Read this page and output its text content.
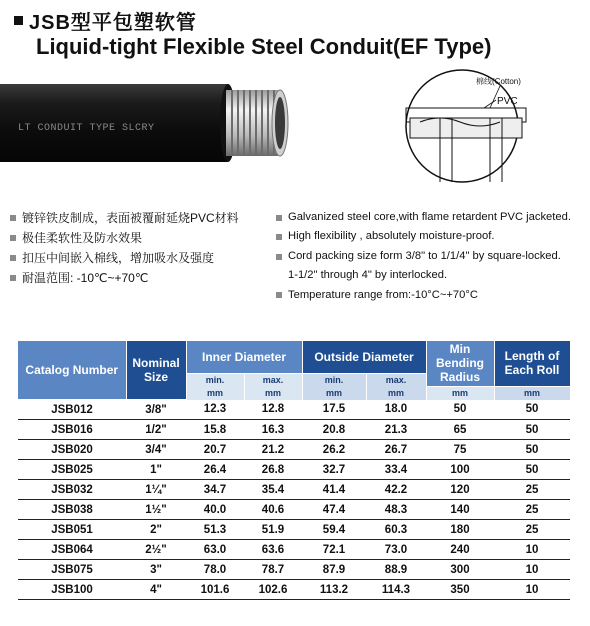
JSB型平包塑软管
Liquid-tight Flexible Steel Conduit(EF Type)
LT CONDUIT TYPE SLCRY
棉线(Cotton)
PVC
镀锌铁皮制成，表面被覆耐延烧PVC材料
极佳柔软性及防水效果
扣压中间嵌入棉线，增加吸水及强度
耐温范围: -10℃~+70℃
Galvanized steel core,with flame retardent PVC jacketed.
High flexibility , absolutely moisture-proof.
Cord packing size form 3/8" to 1/1/4" by square-locked.
1-1/2" through 4" by interlocked.
Temperature range from:-10°C~+70°C
Catalog Number	Nominal Size	Inner Diameter		Outside Diameter		Min Bending Radius	Length of Each Roll
		min.	max.	min.	max.		
		mm	mm	mm	mm	mm	mm
JSB012	3/8"	12.3	12.8	17.5	18.0	50	50
JSB016	1/2"	15.8	16.3	20.8	21.3	65	50
JSB020	3/4"	20.7	21.2	26.2	26.7	75	50
JSB025	1"	26.4	26.8	32.7	33.4	100	50
JSB032	1¼"	34.7	35.4	41.4	42.2	120	25
JSB038	1½"	40.0	40.6	47.4	48.3	140	25
JSB051	2"	51.3	51.9	59.4	60.3	180	25
JSB064	2½"	63.0	63.6	72.1	73.0	240	10
JSB075	3"	78.0	78.7	87.9	88.9	300	10
JSB100	4"	101.6	102.6	113.2	114.3	350	10
